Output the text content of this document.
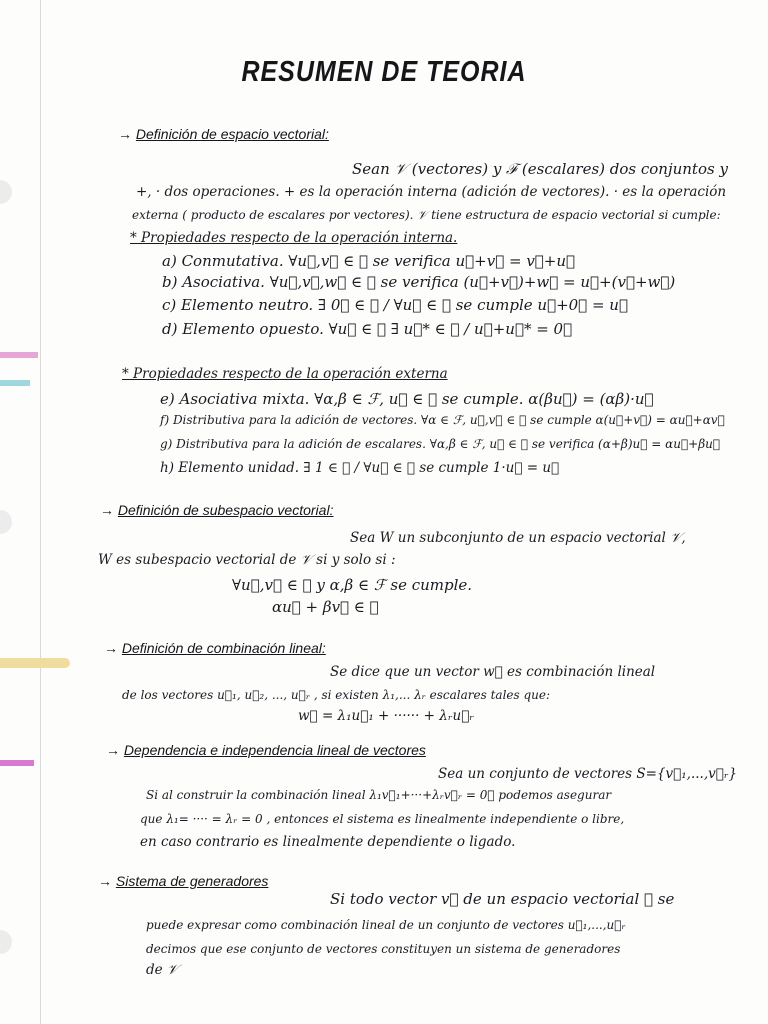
RESUMEN DE TEORIA
→ Definición de espacio vectorial:
Sean 𝒱 (vectores) y ℱ (escalares) dos conjuntos y
+, · dos operaciones. + es la operación interna (adición de vectores). · es la operación
externa ( producto de escalares por vectores). 𝒱 tiene estructura de espacio vectorial si cumple:
* Propiedades respecto de la operación interna.
a) Conmutativa. ∀u⃗,v⃗ ∈ 𝒱 se verifica u⃗+v⃗ = v⃗+u⃗
b) Asociativa. ∀u⃗,v⃗,w⃗ ∈ 𝒱 se verifica (u⃗+v⃗)+w⃗ = u⃗+(v⃗+w⃗)
c) Elemento neutro. ∃ 0⃗ ∈ 𝒱 / ∀u⃗ ∈ 𝒱 se cumple u⃗+0⃗ = u⃗
d) Elemento opuesto. ∀u⃗ ∈ 𝒱 ∃ u⃗* ∈ 𝒱 / u⃗+u⃗* = 0⃗
* Propiedades respecto de la operación externa
e) Asociativa mixta. ∀α,β ∈ ℱ, u⃗ ∈ 𝒱 se cumple. α(βu⃗) = (αβ)·u⃗
f) Distributiva para la adición de vectores. ∀α ∈ ℱ, u⃗,v⃗ ∈ 𝒱 se cumple α(u⃗+v⃗) = αu⃗+αv⃗
g) Distributiva para la adición de escalares. ∀α,β ∈ ℱ, u⃗ ∈ 𝒱 se verifica (α+β)u⃗ = αu⃗+βu⃗
h) Elemento unidad. ∃ 1 ∈ ℱ / ∀u⃗ ∈ 𝒱 se cumple 1·u⃗ = u⃗
→ Definición de subespacio vectorial:
Sea W un subconjunto de un espacio vectorial 𝒱,
W es subespacio vectorial de 𝒱 si y solo si :
∀u⃗,v⃗ ∈ 𝒲 y α,β ∈ ℱ se cumple.
αu⃗ + βv⃗ ∈ 𝒲
→ Definición de combinación lineal:
Se dice que un vector w⃗ es combinación lineal
de los vectores u⃗₁, u⃗₂, ..., u⃗ᵣ , si existen λ₁,... λᵣ escalares tales que:
w⃗ = λ₁u⃗₁ + ······ + λᵣu⃗ᵣ
→ Dependencia e independencia lineal de vectores
Sea un conjunto de vectores S={v⃗₁,...,v⃗ᵣ}
Si al construir la combinación lineal λ₁v⃗₁+···+λᵣv⃗ᵣ = 0⃗ podemos asegurar
que λ₁= ···· = λᵣ = 0 , entonces el sistema es linealmente independiente o libre,
en caso contrario es linealmente dependiente o ligado.
→ Sistema de generadores
Si todo vector v⃗ de un espacio vectorial 𝒱 se
puede expresar como combinación lineal de un conjunto de vectores u⃗₁,...,u⃗ᵣ
decimos que ese conjunto de vectores constituyen un sistema de generadores
de 𝒱
